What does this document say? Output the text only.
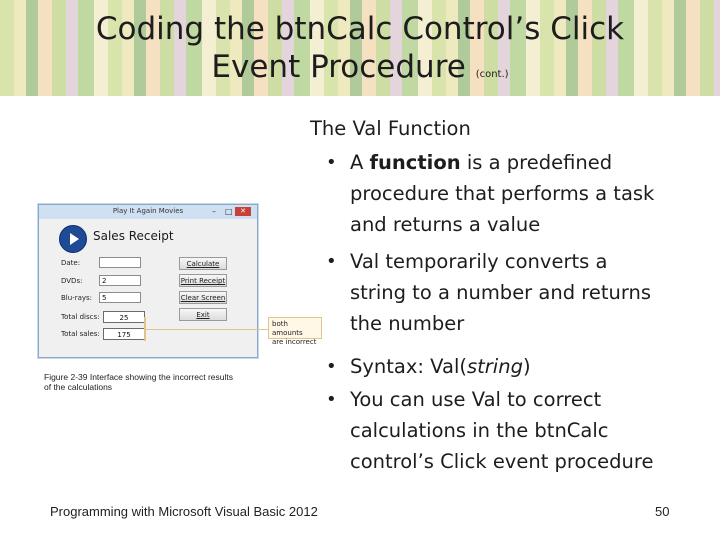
Coding the btnCalc Control’s Click
Event Procedure (cont.)
Play It Again Movies	– □	✕
Sales Receipt
Date:
DVDs:	2
Blu-rays:	5
Total discs:	25
Total sales:	175
Calculate
Print Receipt
Clear Screen
Exit
both amounts
are incorrect
Figure 2-39 Interface showing the incorrect results
of the calculations
The Val Function
• A function is a predefined
procedure that performs a task
and returns a value
• Val temporarily converts a
string to a number and returns
the number
• Syntax: Val(string)
• You can use Val to correct
calculations in the btnCalc
control’s Click event procedure
Programming with Microsoft Visual Basic 2012	50
